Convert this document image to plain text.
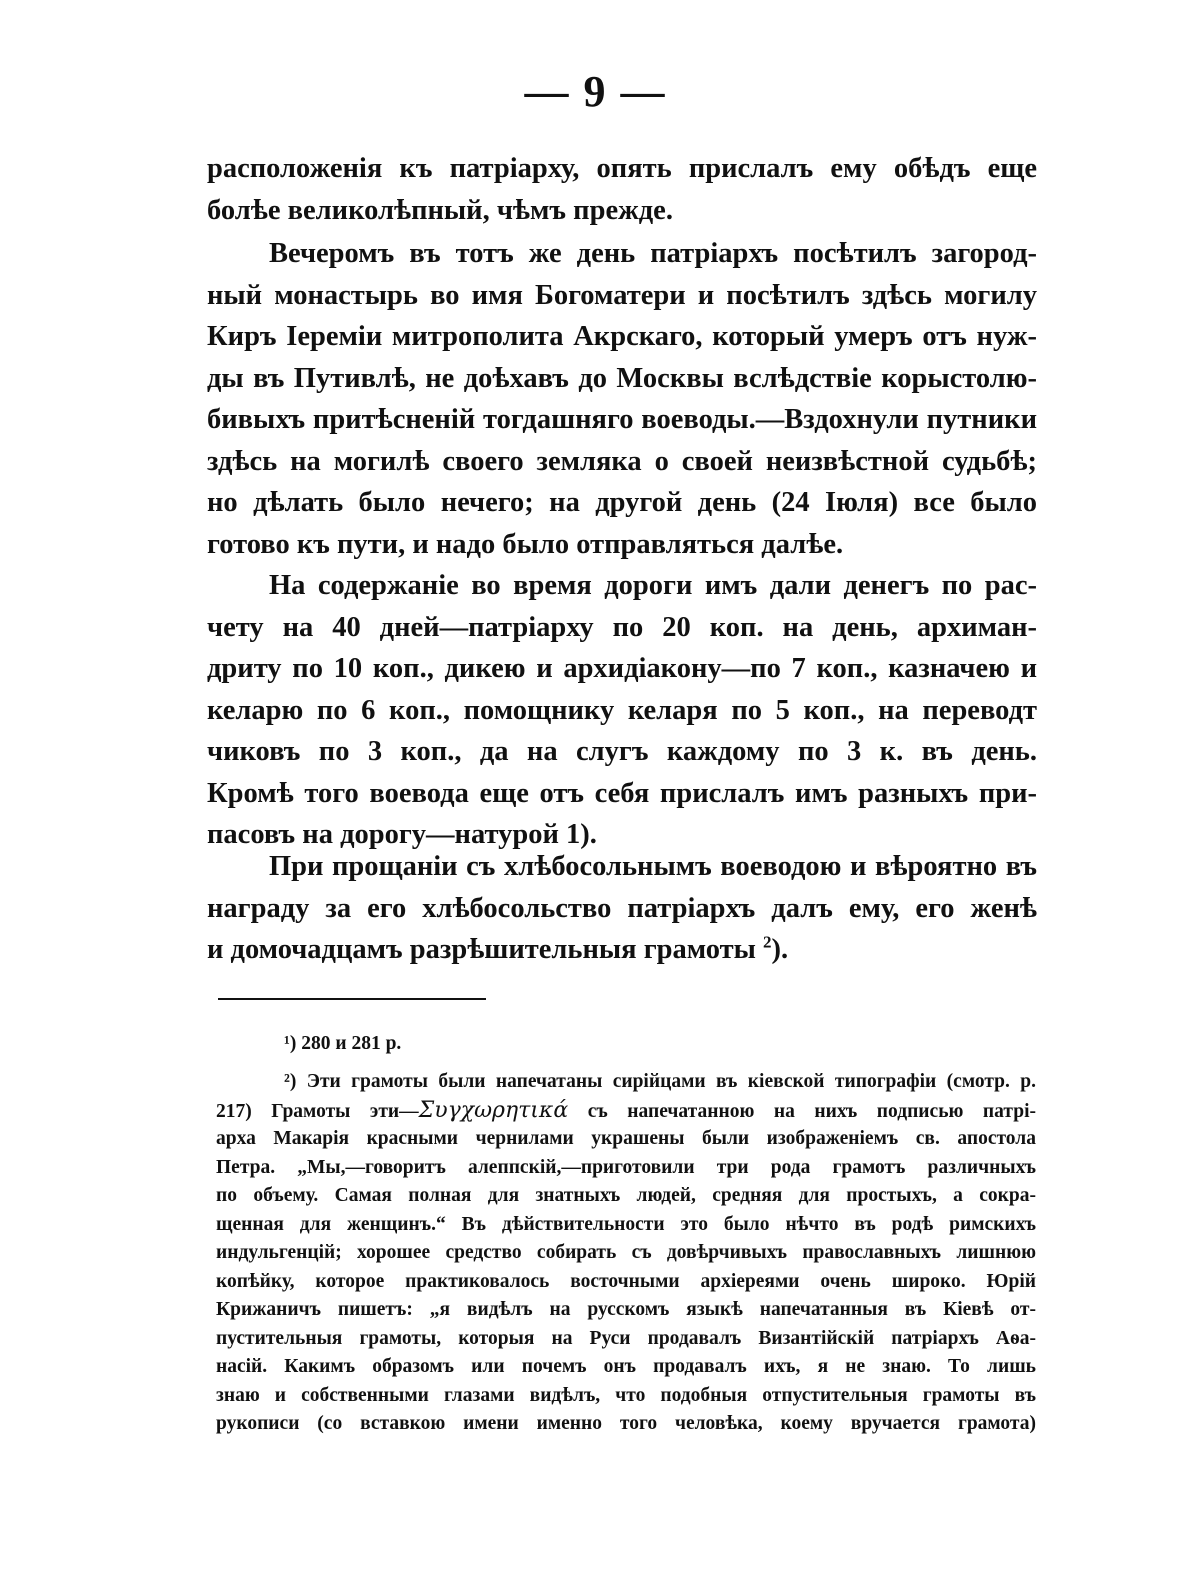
— 9 —
расположенія къ патріарху, опять прислалъ ему обѣдъ еще
болѣе великолѣпный, чѣмъ прежде.
Вечеромъ въ тотъ же день патріархъ посѣтилъ загород-
ный монастырь во имя Богоматери и посѣтилъ здѣсь могилу
Киръ Іереміи митрополита Акрскаго, который умеръ отъ нуж-
ды въ Путивлѣ, не доѣхавъ до Москвы вслѣдствіе корыстолю-
бивыхъ притѣсненій тогдашняго воеводы.—Вздохнули путники
здѣсь на могилѣ своего земляка о своей неизвѣстной судьбѣ;
но дѣлать было нечего; на другой день (24 Іюля) все было
готово къ пути, и надо было отправляться далѣе.
На содержаніе во время дороги имъ дали денегъ по рас-
чету на 40 дней—патріарху по 20 коп. на день, архиман-
дриту по 10 коп., дикею и архидіакону—по 7 коп., казначею и
келарю по 6 коп., помощнику келаря по 5 коп., на переводт
чиковъ по 3 коп., да на слугъ каждому по 3 к. въ день.
Кромѣ того воевода еще отъ себя прислалъ имъ разныхъ при-
пасовъ на дорогу—натурой 1).
При прощаніи съ хлѣбосольнымъ воеводою и вѣроятно въ
награду за его хлѣбосольство патріархъ далъ ему, его женѣ
и домочадцамъ разрѣшительныя грамоты $^2$).
¹) 280 и 281 р.
²) Эти грамоты были напечатаны сирійцами въ кіевской типографіи (смотр. р.
217) Грамоты эти—Συγχωρητικά съ напечатанною на нихъ подписью патрі-
арха Макарія красными чернилами украшены были изображеніемъ св. апостола
Петра. „Мы,—говоритъ алеппскій,—приготовили три рода грамотъ различныхъ
по объему. Самая полная для знатныхъ людей, средняя для простыхъ, а сокра-
щенная для женщинъ.“ Въ дѣйствительности это было нѣчто въ родѣ римскихъ
индульгенцій; хорошее средство собирать съ довѣрчивыхъ православныхъ лишнюю
копѣйку, которое практиковалось восточными архіереями очень широко. Юрій
Крижаничъ пишетъ: „я видѣлъ на русскомъ языкѣ напечатанныя въ Кіевѣ от-
пустительныя грамоты, которыя на Руси продавалъ Византійскій патріархъ Аѳа-
насій. Какимъ образомъ или почемъ онъ продавалъ ихъ, я не знаю. То лишь
знаю и собственными глазами видѣлъ, что подобныя отпустительныя грамоты въ
рукописи (со вставкою имени именно того человѣка, коему вручается грамота)
